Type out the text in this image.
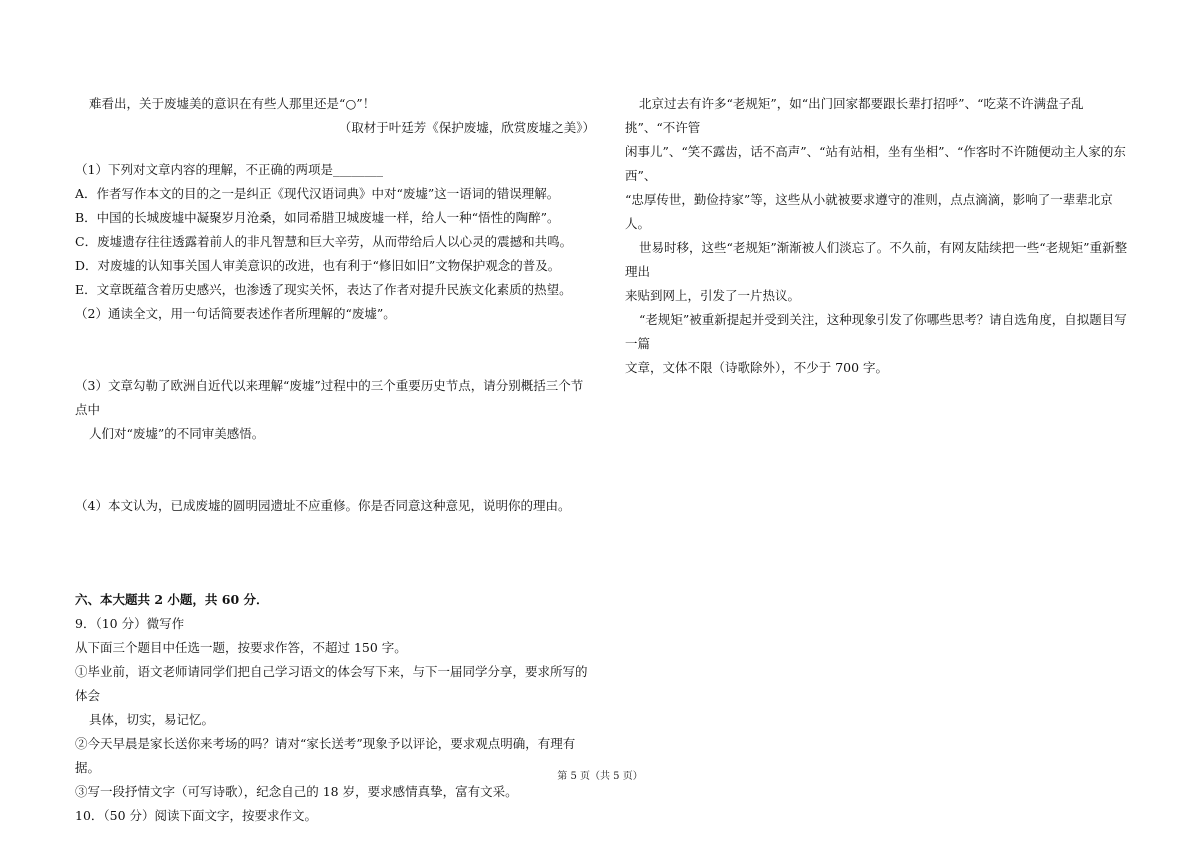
难看出，关于废墟美的意识在有些人那里还是“○”！

（取材于叶廷芳《保护废墟，欣赏废墟之美》）

（1）下列对文章内容的理解，不正确的两项是________

A．作者写作本文的目的之一是纠正《现代汉语词典》中对“废墟”这一语词的错误理解。

B．中国的长城废墟中凝聚岁月沧桑，如同希腊卫城废墟一样，给人一种“悟性的陶醉”。

C．废墟遗存往往透露着前人的非凡智慧和巨大辛劳，从而带给后人以心灵的震撼和共鸣。

D．对废墟的认知事关国人审美意识的改进，也有利于“修旧如旧”文物保护观念的普及。

E．文章既蕴含着历史感兴，也渗透了现实关怀，表达了作者对提升民族文化素质的热望。

（2）通读全文，用一句话简要表述作者所理解的“废墟”。

（3）文章勾勒了欧洲自近代以来理解“废墟”过程中的三个重要历史节点，请分别概括三个节点中

人们对“废墟”的不同审美感悟。

（4）本文认为，已成废墟的圆明园遗址不应重修。你是否同意这种意见，说明你的理由。

六、本大题共 2 小题，共 60 分．

9．（10 分）微写作

从下面三个题目中任选一题，按要求作答，不超过 150 字。

①毕业前，语文老师请同学们把自己学习语文的体会写下来，与下一届同学分享，要求所写的体会

具体，切实，易记忆。

②今天早晨是家长送你来考场的吗？请对“家长送考”现象予以评论，要求观点明确，有理有据。

③写一段抒情文字（可写诗歌），纪念自己的 18 岁，要求感情真挚，富有文采。

10．（50 分）阅读下面文字，按要求作文。

北京过去有许多“老规矩”，如“出门回家都要跟长辈打招呼”、“吃菜不许满盘子乱挑”、“不许管

闲事儿”、“笑不露齿，话不高声”、“站有站相，坐有坐相”、“作客时不许随便动主人家的东西”、

“忠厚传世，勤俭持家”等，这些从小就被要求遵守的准则，点点滴滴，影响了一辈辈北京人。

世易时移，这些“老规矩”渐渐被人们淡忘了。不久前，有网友陆续把一些“老规矩”重新整理出

来贴到网上，引发了一片热议。

“老规矩”被重新提起并受到关注，这种现象引发了你哪些思考？请自选角度，自拟题目写一篇

文章，文体不限（诗歌除外），不少于 700 字。

第 5 页（共 5 页）
